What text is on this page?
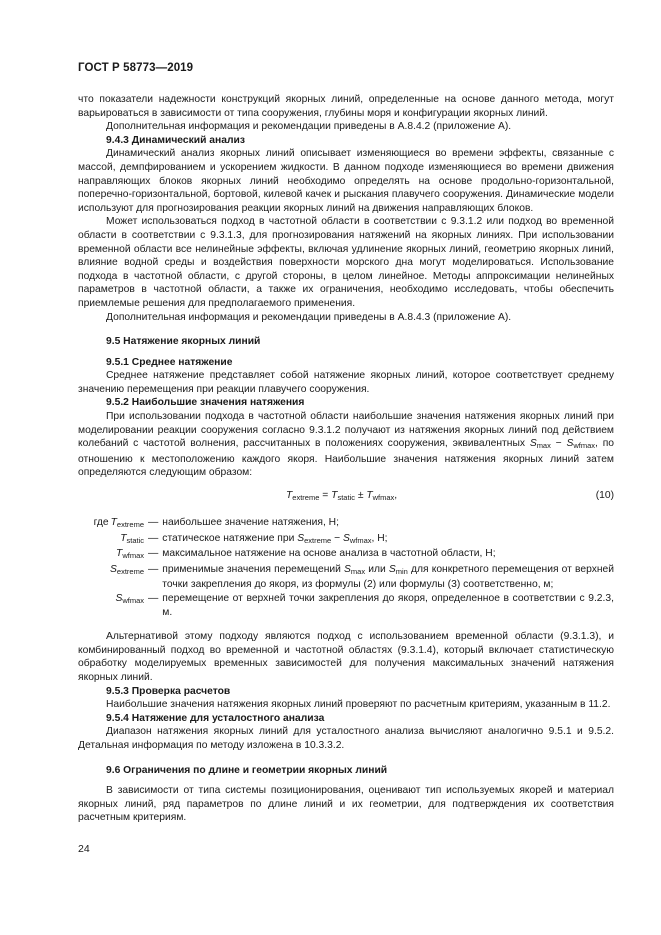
ГОСТ Р 58773—2019

что показатели надежности конструкций якорных линий, определенные на основе данного метода, могут варьироваться в зависимости от типа сооружения, глубины моря и конфигурации якорных линий.

Дополнительная информация и рекомендации приведены в А.8.4.2 (приложение А).

9.4.3 Динамический анализ

Динамический анализ якорных линий описывает изменяющиеся во времени эффекты, связанные с массой, демпфированием и ускорением жидкости. В данном подходе изменяющиеся во времени движения направляющих блоков якорных линий необходимо определять на основе продольно-горизонтальной, поперечно-горизонтальной, бортовой, килевой качек и рыскания плавучего сооружения. Динамические модели используют для прогнозирования реакции якорных линий на движения направляющих блоков.

Может использоваться подход в частотной области в соответствии с 9.3.1.2 или подход во временной области в соответствии с 9.3.1.3, для прогнозирования натяжений на якорных линиях. При использовании временной области все нелинейные эффекты, включая удлинение якорных линий, геометрию якорных линий, влияние водной среды и воздействия поверхности морского дна могут моделироваться. Использование подхода в частотной области, с другой стороны, в целом линейное. Методы аппроксимации нелинейных параметров в частотной области, а также их ограничения, необходимо исследовать, чтобы обеспечить приемлемые решения для предполагаемого применения.

Дополнительная информация и рекомендации приведены в А.8.4.3 (приложение А).

9.5 Натяжение якорных линий

9.5.1 Среднее натяжение

Среднее натяжение представляет собой натяжение якорных линий, которое соответствует среднему значению перемещения при реакции плавучего сооружения.

9.5.2 Наибольшие значения натяжения

При использовании подхода в частотной области наибольшие значения натяжения якорных линий при моделировании реакции сооружения согласно 9.3.1.2 получают из натяжения якорных линий под действием колебаний с частотой волнения, рассчитанных в положениях сооружения, эквивалентных $S_{max} - S_{wfmax}$, по отношению к местоположению каждого якоря. Наибольшие значения натяжения якорных линий затем определяются следующим образом:

$T_{extreme} = T_{static} \pm T_{wfmax}$,	(10)
где $T_{extreme}$ — наибольшее значение натяжения, Н;
$T_{static}$ — статическое натяжение при $S_{extreme} - S_{wfmax}$, Н;
$T_{wfmax}$ — максимальное натяжение на основе анализа в частотной области, Н;
$S_{extreme}$ — применимые значения перемещений $S_{max}$ или $S_{min}$ для конкретного перемещения от верхней точки закрепления до якоря, из формулы (2) или формулы (3) соответственно, м;
$S_{wfmax}$ — перемещение от верхней точки закрепления до якоря, определенное в соответствии с 9.2.3, м.

Альтернативой этому подходу являются подход с использованием временной области (9.3.1.3), и комбинированный подход во временной и частотной областях (9.3.1.4), который включает статистическую обработку моделируемых временных зависимостей для получения максимальных значений натяжения якорных линий.

9.5.3 Проверка расчетов

Наибольшие значения натяжения якорных линий проверяют по расчетным критериям, указанным в 11.2.

9.5.4 Натяжение для усталостного анализа

Диапазон натяжения якорных линий для усталостного анализа вычисляют аналогично 9.5.1 и 9.5.2. Детальная информация по методу изложена в 10.3.3.2.

9.6 Ограничения по длине и геометрии якорных линий

В зависимости от типа системы позиционирования, оценивают тип используемых якорей и материал якорных линий, ряд параметров по длине линий и их геометрии, для подтверждения их соответствия расчетным критериям.

24
